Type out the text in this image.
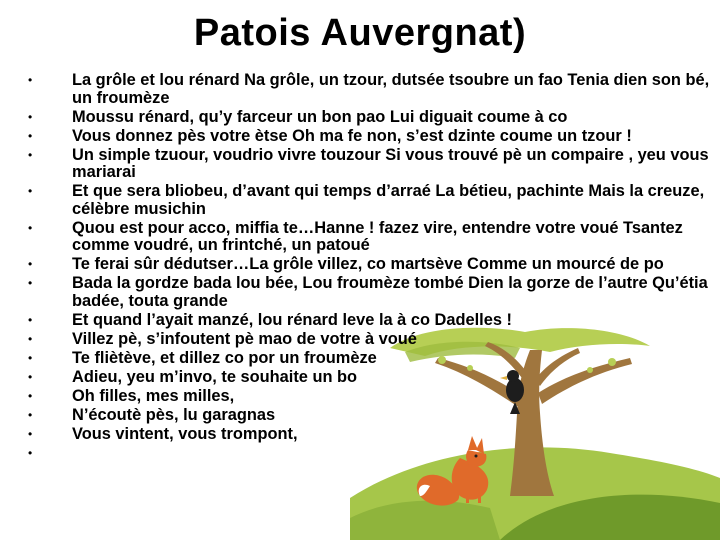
Patois Auvergnat)
• La grôle et lou rénard Na grôle, un tzour, dutsée tsoubre un fao Tenia dien son bé, un froumèze
• Moussu rénard, qu’y farceur un bon pao Lui diguait coume à co
• Vous donnez pès votre ètse Oh ma fe non, s’est dzinte coume un tzour !
• Un simple tzuour, voudrio vivre touzour Si vous trouvé pè un compaire , yeu vous mariarai
• Et que sera bliobeu, d’avant qui temps d’arraé La bétieu, pachinte Mais la creuze, célèbre musichin
• Quou est pour acco, miffia te…Hanne ! fazez vire, entendre votre voué Tsantez comme voudré, un frintché, un patoué
• Te ferai sûr dédutser…La grôle villez, co martsève Comme un mourcé de po
• Bada la gordze bada lou bée, Lou froumèze tombé Dien la gorze de l’autre Qu’étia badée, touta grande
• Et quand l’ayait manzé, lou rénard leve la à co Dadelles !
• Villez pè, s’infoutent pè mao de votre à voué
• Te fliètève, et dillez co por un froumèze
• Adieu, yeu m’invo, te souhaite un bo
• Oh filles, mes milles,
• N’écoutè pès, lu garagnas
• Vous vintent, vous trompont,
•
